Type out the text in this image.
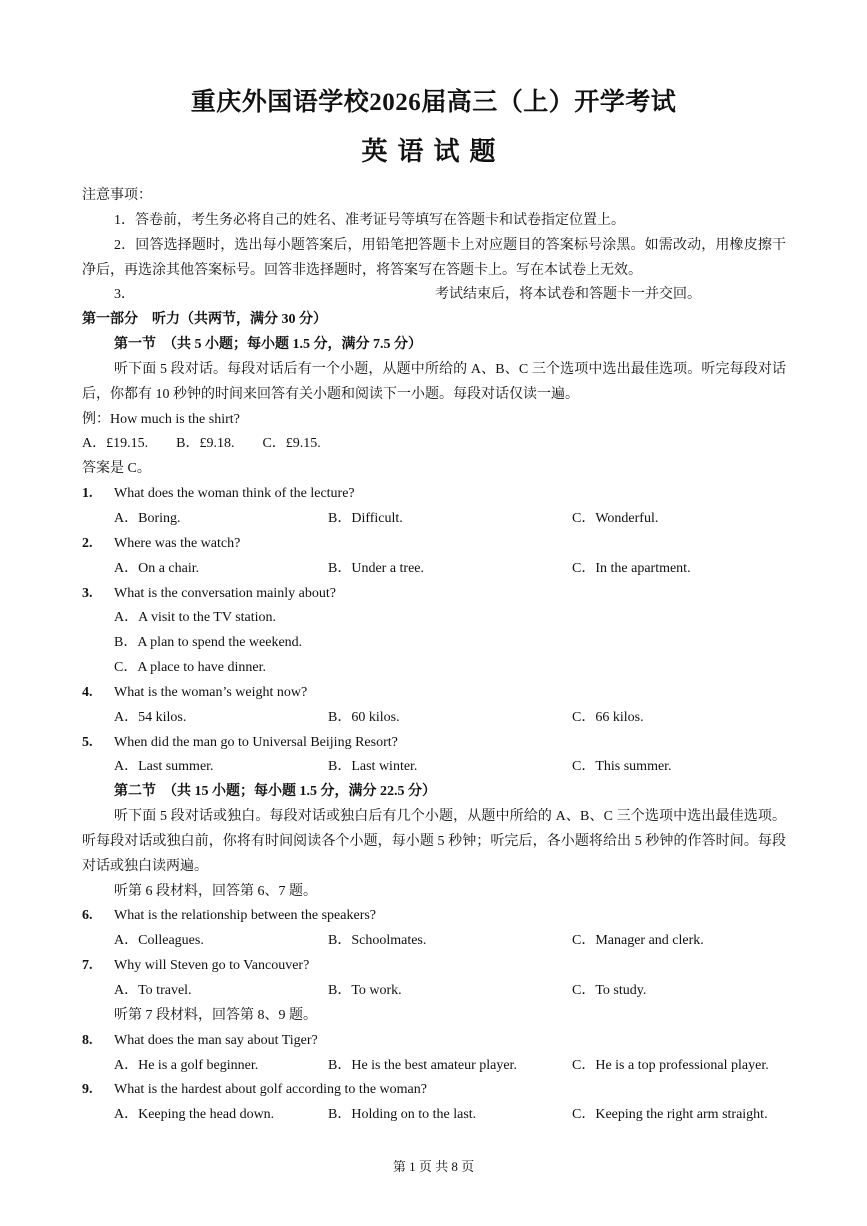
重庆外国语学校2026届高三（上）开学考试
英语试题
注意事项：
1．答卷前，考生务必将自己的姓名、准考证号等填写在答题卡和试卷指定位置上。
2．回答选择题时，选出每小题答案后，用铅笔把答题卡上对应题目的答案标号涂黑。如需改动，用橡皮擦干净后，再选涂其他答案标号。回答非选择题时，将答案写在答题卡上。写在本试卷上无效。
3．	考试结束后，将本试卷和答题卡一并交回。
第一部分　听力（共两节，满分 30 分）
第一节　（共 5 小题；每小题 1.5 分，满分 7.5 分）
听下面 5 段对话。每段对话后有一个小题，从题中所给的 A、B、C 三个选项中选出最佳选项。听完每段对话后，你都有 10 秒钟的时间来回答有关小题和阅读下一小题。每段对话仅读一遍。
例：How much is the shirt?
A．£19.15.　　B．£9.18.　　C．£9.15.
答案是 C。
1. What does the woman think of the lecture?
A．Boring.	B．Difficult.	C．Wonderful.
2. Where was the watch?
A．On a chair.	B．Under a tree.	C．In the apartment.
3. What is the conversation mainly about?
A．A visit to the TV station.
B．A plan to spend the weekend.
C．A place to have dinner.
4. What is the woman’s weight now?
A．54 kilos.	B．60 kilos.	C．66 kilos.
5. When did the man go to Universal Beijing Resort?
A．Last summer.	B．Last winter.	C．This summer.
第二节　（共 15 小题；每小题 1.5 分，满分 22.5 分）
听下面 5 段对话或独白。每段对话或独白后有几个小题，从题中所给的 A、B、C 三个选项中选出最佳选项。听每段对话或独白前，你将有时间阅读各个小题，每小题 5 秒钟；听完后，各小题将给出 5 秒钟的作答时间。每段对话或独白读两遍。
听第 6 段材料，回答第 6、7 题。
6. What is the relationship between the speakers?
A．Colleagues.	B．Schoolmates.	C．Manager and clerk.
7. Why will Steven go to Vancouver?
A．To travel.	B．To work.	C．To study.
听第 7 段材料，回答第 8、9 题。
8. What does the man say about Tiger?
A．He is a golf beginner.	B．He is the best amateur player.	C．He is a top professional player.
9. What is the hardest about golf according to the woman?
A．Keeping the head down.	B．Holding on to the last.	C．Keeping the right arm straight.
第 1 页 共 8 页
